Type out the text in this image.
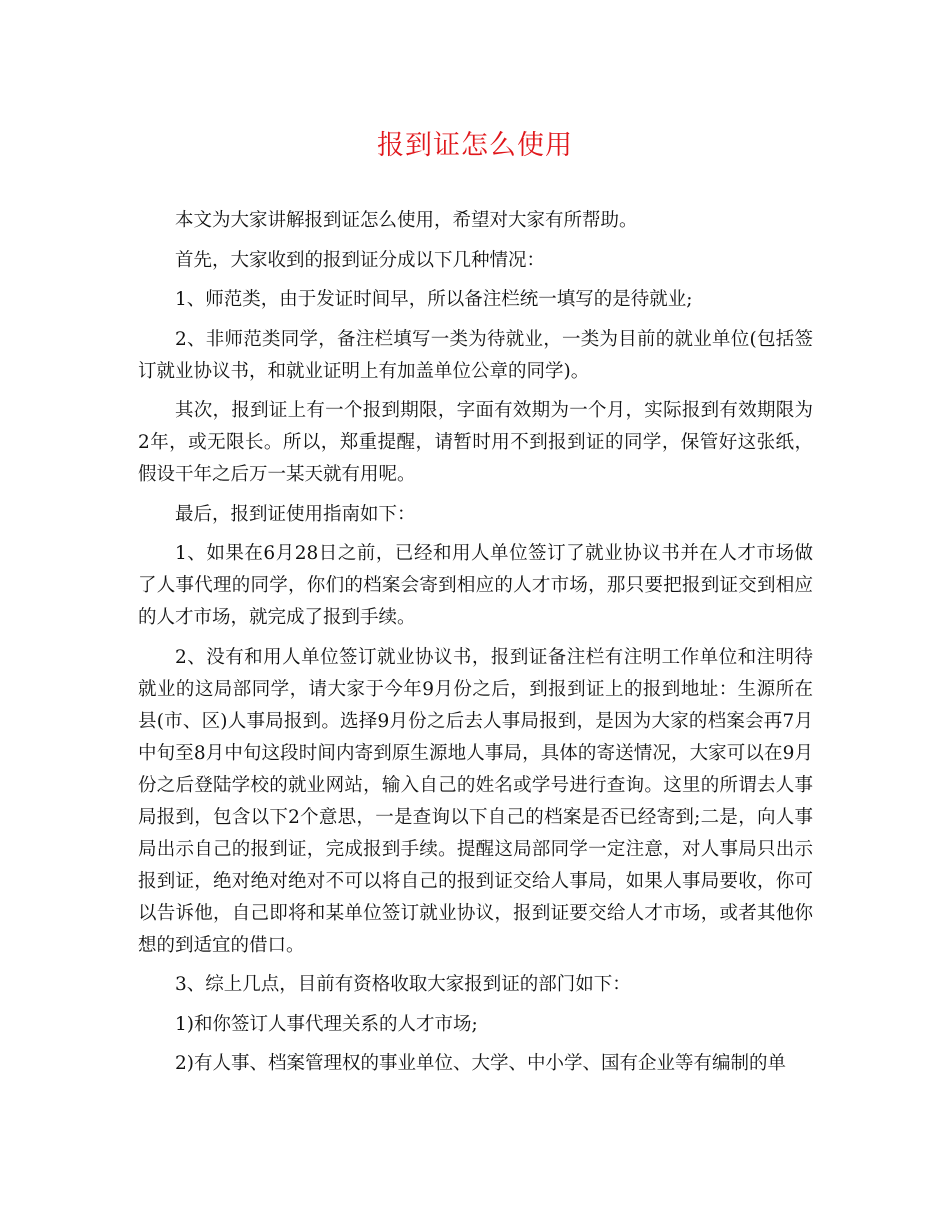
报到证怎么使用

本文为大家讲解报到证怎么使用，希望对大家有所帮助。

首先，大家收到的报到证分成以下几种情况：

1、师范类，由于发证时间早，所以备注栏统一填写的是待就业;

2、非师范类同学，备注栏填写一类为待就业，一类为目前的就业单位(包括签订就业协议书，和就业证明上有加盖单位公章的同学)。

其次，报到证上有一个报到期限，字面有效期为一个月，实际报到有效期限为2年，或无限长。所以，郑重提醒，请暂时用不到报到证的同学，保管好这张纸，假设干年之后万一某天就有用呢。

最后，报到证使用指南如下：

1、如果在6月28日之前，已经和用人单位签订了就业协议书并在人才市场做了人事代理的同学，你们的档案会寄到相应的人才市场，那只要把报到证交到相应的人才市场，就完成了报到手续。

2、没有和用人单位签订就业协议书，报到证备注栏有注明工作单位和注明待就业的这局部同学，请大家于今年9月份之后，到报到证上的报到地址：生源所在县(市、区)人事局报到。选择9月份之后去人事局报到，是因为大家的档案会再7月中旬至8月中旬这段时间内寄到原生源地人事局，具体的寄送情况，大家可以在9月份之后登陆学校的就业网站，输入自己的姓名或学号进行查询。这里的所谓去人事局报到，包含以下2个意思，一是查询以下自己的档案是否已经寄到;二是，向人事局出示自己的报到证，完成报到手续。提醒这局部同学一定注意，对人事局只出示报到证，绝对绝对绝对不可以将自己的报到证交给人事局，如果人事局要收，你可以告诉他，自己即将和某单位签订就业协议，报到证要交给人才市场，或者其他你想的到适宜的借口。

3、综上几点，目前有资格收取大家报到证的部门如下：

1)和你签订人事代理关系的人才市场;

2)有人事、档案管理权的事业单位、大学、中小学、国有企业等有编制的单
